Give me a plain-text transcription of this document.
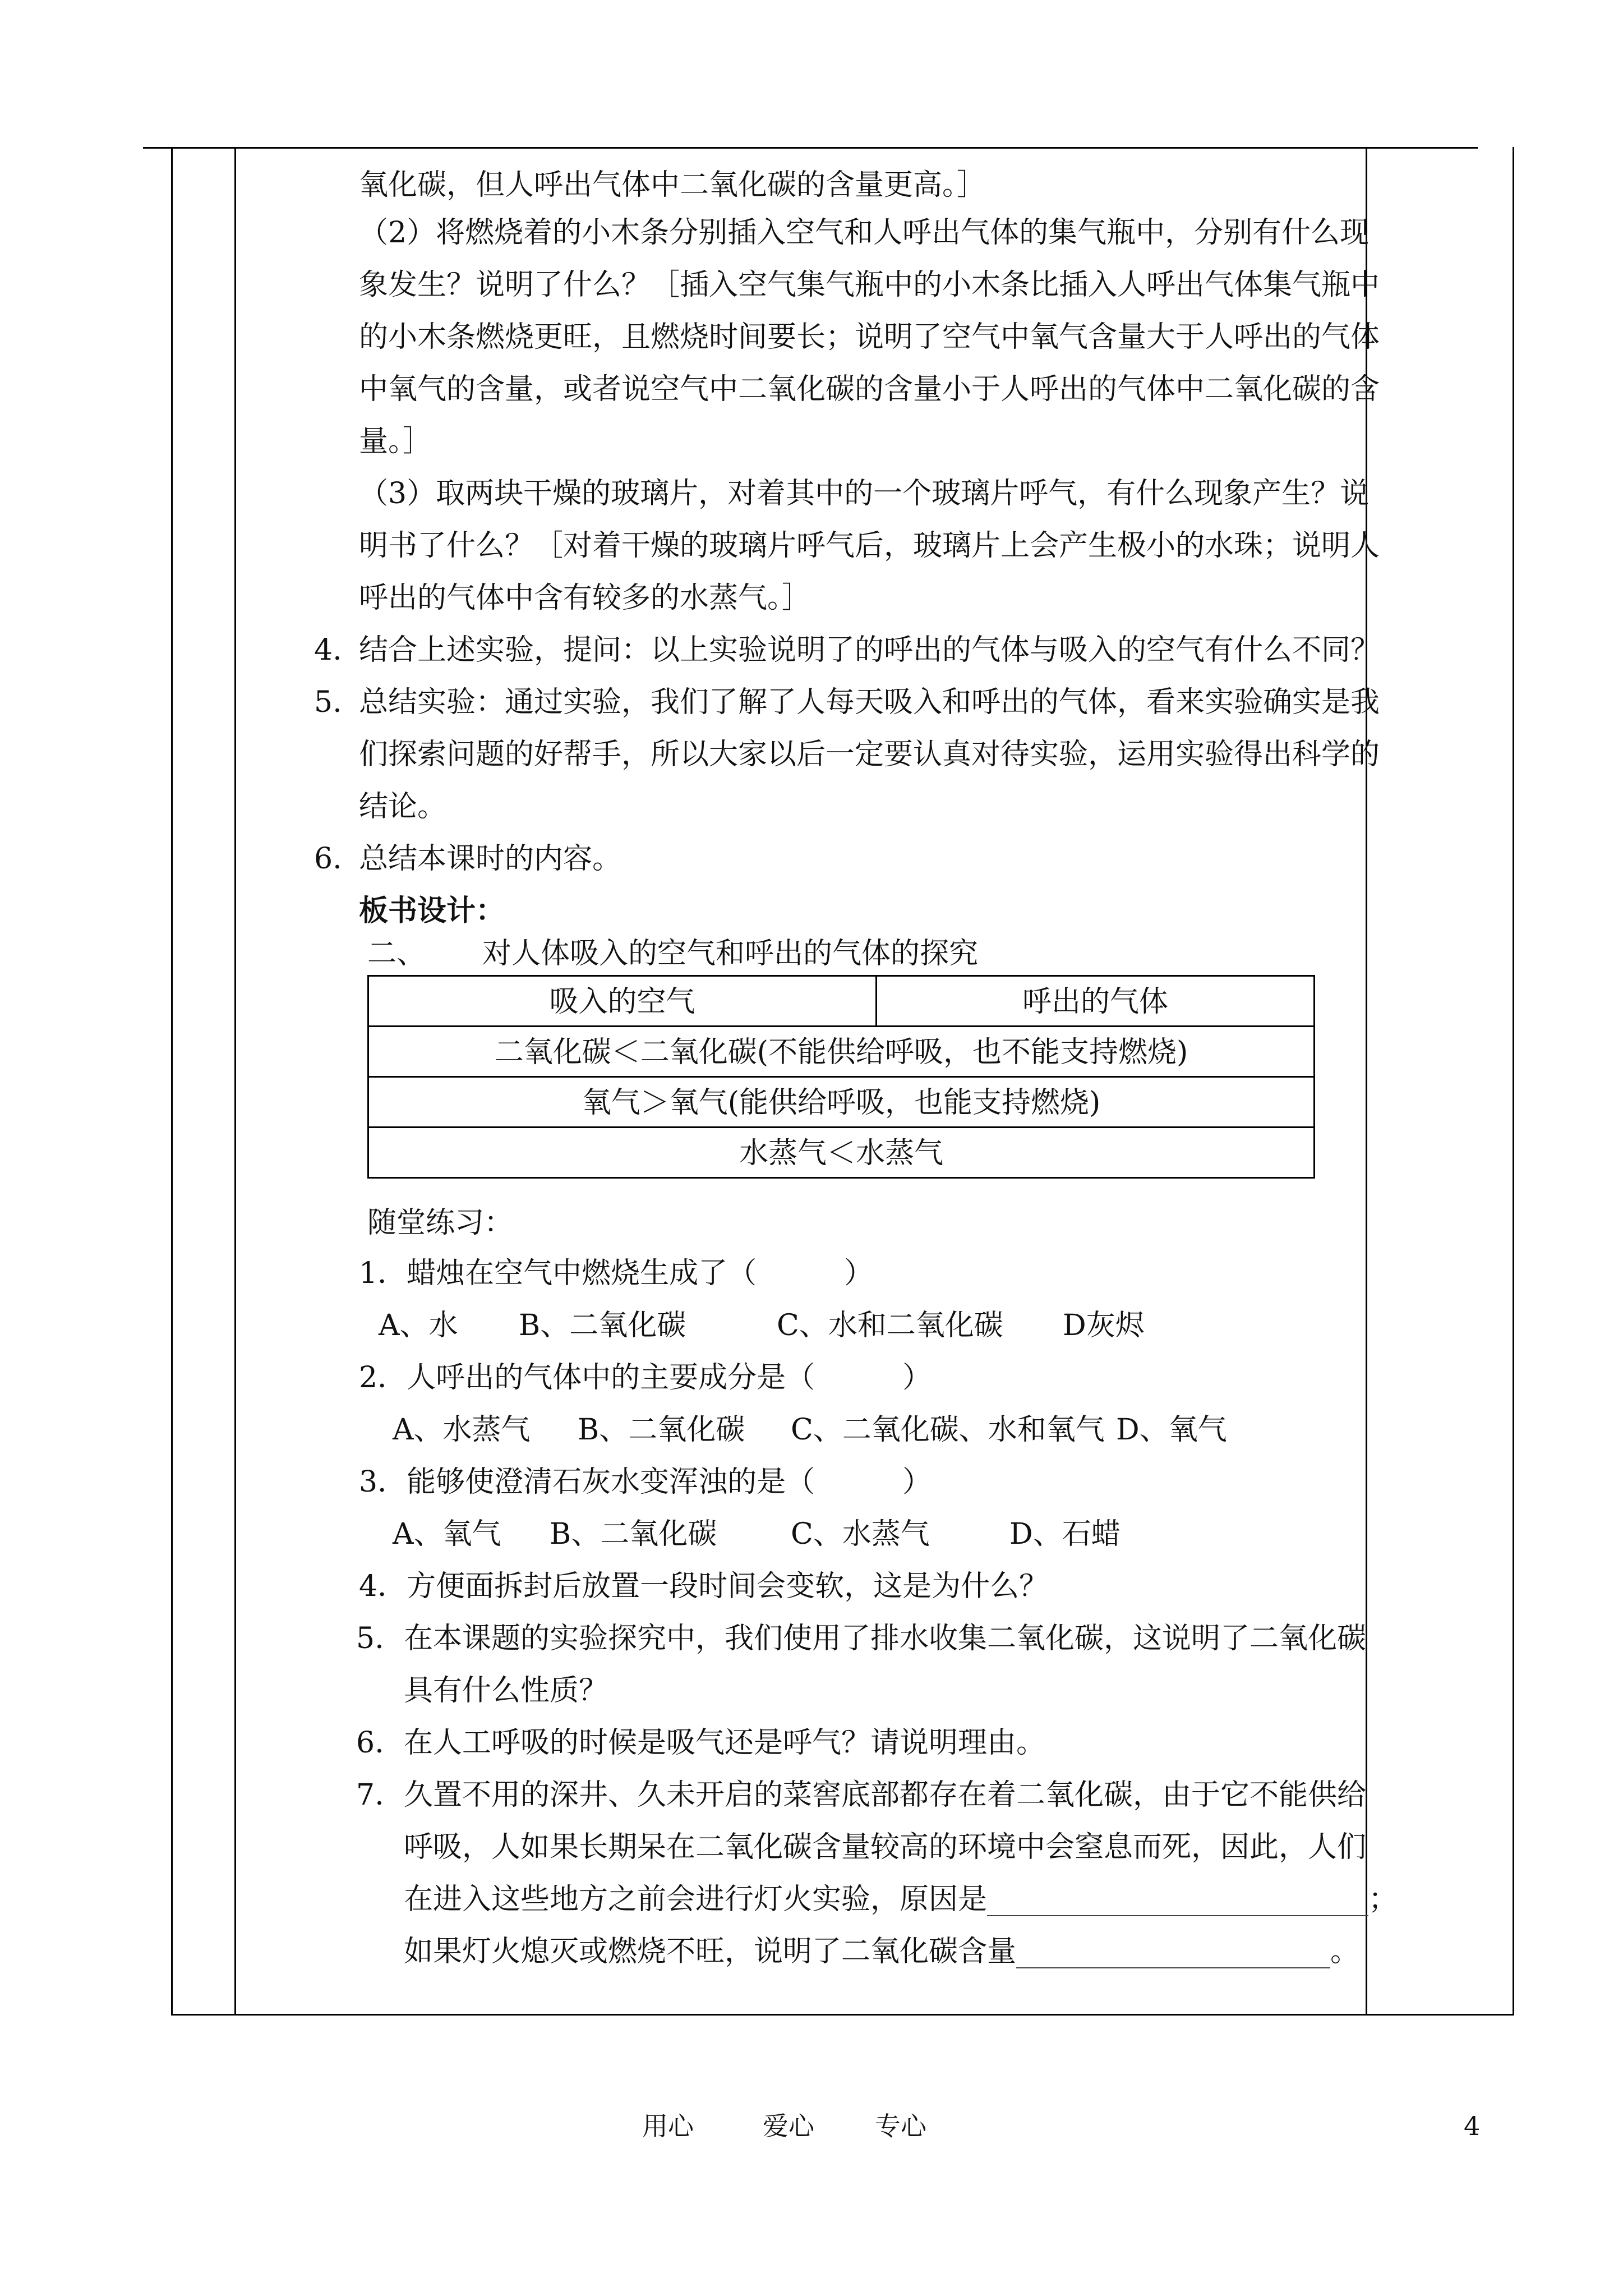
氧化碳，但人呼出气体中二氧化碳的含量更高。］
（2）将燃烧着的小木条分别插入空气和人呼出气体的集气瓶中，分别有什么现
象发生？说明了什么？［插入空气集气瓶中的小木条比插入人呼出气体集气瓶中
的小木条燃烧更旺，且燃烧时间要长；说明了空气中氧气含量大于人呼出的气体
中氧气的含量，或者说空气中二氧化碳的含量小于人呼出的气体中二氧化碳的含
量。］
（3）取两块干燥的玻璃片，对着其中的一个玻璃片呼气，有什么现象产生？说
明书了什么？［对着干燥的玻璃片呼气后，玻璃片上会产生极小的水珠；说明人
呼出的气体中含有较多的水蒸气。］
4. 结合上述实验，提问：以上实验说明了的呼出的气体与吸入的空气有什么不同？
5. 总结实验：通过实验，我们了解了人每天吸入和呼出的气体，看来实验确实是我
们探索问题的好帮手，所以大家以后一定要认真对待实验，运用实验得出科学的
结论。
6. 总结本课时的内容。
板书设计：
二、 对人体吸入的空气和呼出的气体的探究
吸入的空气	呼出的气体
二氧化碳＜二氧化碳(不能供给呼吸，也不能支持燃烧)
氧气＞氧气(能供给呼吸，也能支持燃烧)
水蒸气＜水蒸气
随堂练习：
1．蜡烛在空气中燃烧生成了（　　　）
A、水 B、二氧化碳	C、水和二氧化碳 D灰烬
2．人呼出的气体中的主要成分是（　　　）
A、水蒸气 B、二氧化碳 C、二氧化碳、水和氧气 D、氧气
3．能够使澄清石灰水变浑浊的是（　　　）
A、氧气 B、二氧化碳	C、水蒸气	D、石蜡
4．方便面拆封后放置一段时间会变软，这是为什么？
5. 在本课题的实验探究中，我们使用了排水收集二氧化碳，这说明了二氧化碳
具有什么性质？
6. 在人工呼吸的时候是吸气还是呼气？请说明理由。
7. 久置不用的深井、久未开启的菜窖底部都存在着二氧化碳，由于它不能供给
呼吸，人如果长期呆在二氧化碳含量较高的环境中会窒息而死，因此，人们
在进入这些地方之前会进行灯火实验，原因是	；
如果灯火熄灭或燃烧不旺，说明了二氧化碳含量	。
用心	爱心 专心	4
